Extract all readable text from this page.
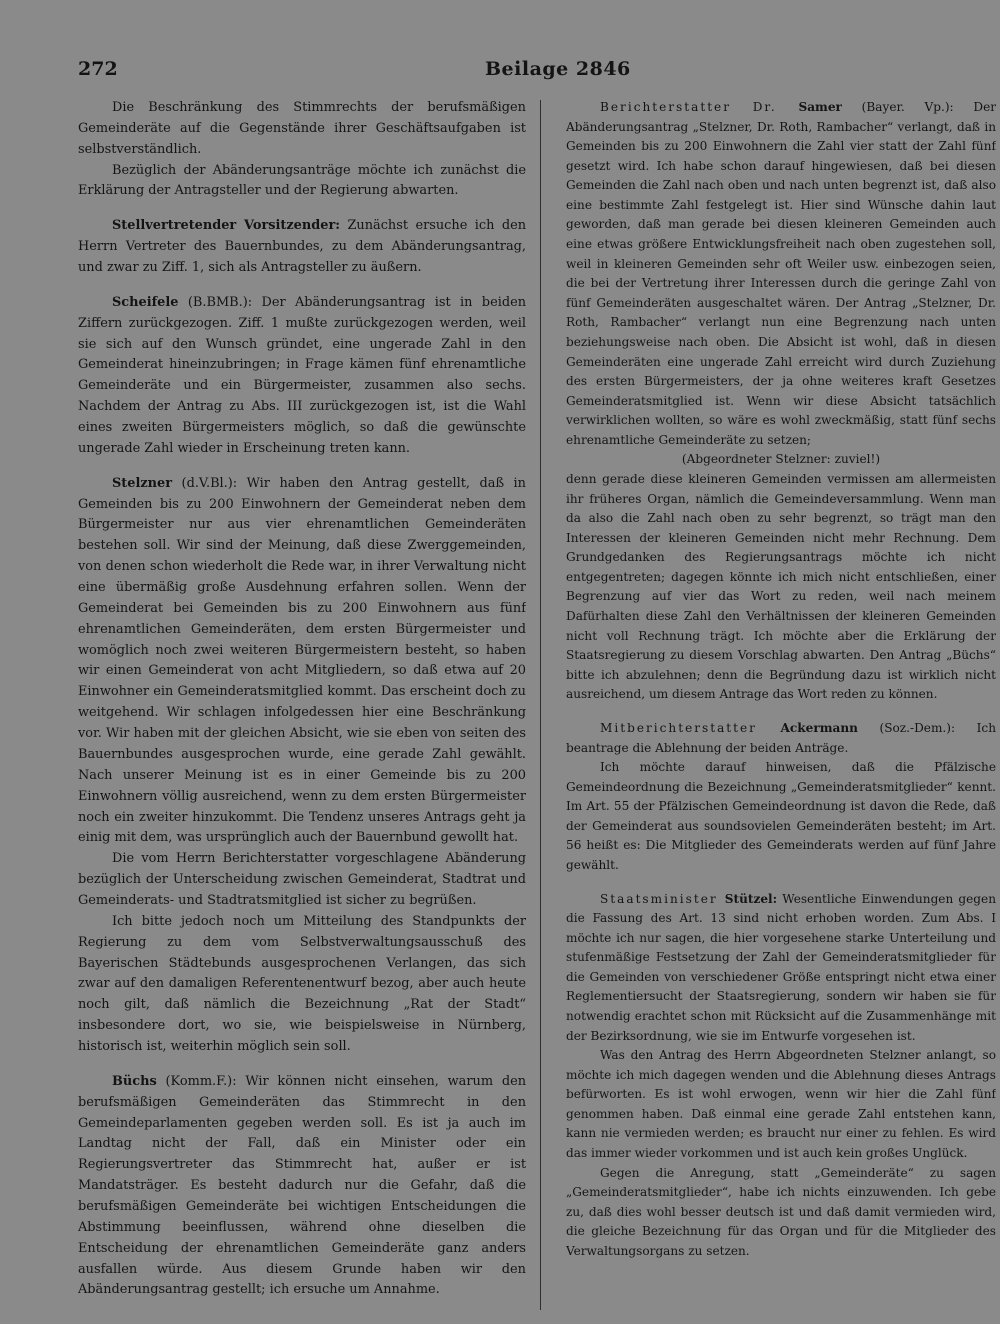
272	Beilage 2846

Die Beschränkung des Stimmrechts der berufsmäßigen Gemeinderäte auf die Gegenstände ihrer Geschäftsaufgaben ist selbstverständlich.

Bezüglich der Abänderungsanträge möchte ich zunächst die Erklärung der Antragsteller und der Regierung abwarten.

Stellvertretender Vorsitzender: Zunächst ersuche ich den Herrn Vertreter des Bauernbundes, zu dem Abänderungsantrag, und zwar zu Ziff. 1, sich als Antragsteller zu äußern.

Scheifele (B.BMB.): Der Abänderungsantrag ist in beiden Ziffern zurückgezogen. Ziff. 1 mußte zurückgezogen werden, weil sie sich auf den Wunsch gründet, eine ungerade Zahl in den Gemeinderat hineinzubringen; in Frage kämen fünf ehrenamtliche Gemeinderäte und ein Bürgermeister, zusammen also sechs. Nachdem der Antrag zu Abs. III zurückgezogen ist, ist die Wahl eines zweiten Bürgermeisters möglich, so daß die gewünschte ungerade Zahl wieder in Erscheinung treten kann.

Stelzner (d.V.Bl.): Wir haben den Antrag gestellt, daß in Gemeinden bis zu 200 Einwohnern der Gemeinderat neben dem Bürgermeister nur aus vier ehrenamtlichen Gemeinderäten bestehen soll. Wir sind der Meinung, daß diese Zwerggemeinden, von denen schon wiederholt die Rede war, in ihrer Verwaltung nicht eine übermäßig große Ausdehnung erfahren sollen. Wenn der Gemeinderat bei Gemeinden bis zu 200 Einwohnern aus fünf ehrenamtlichen Gemeinderäten, dem ersten Bürgermeister und womöglich noch zwei weiteren Bürgermeistern besteht, so haben wir einen Gemeinderat von acht Mitgliedern, so daß etwa auf 20 Einwohner ein Gemeinderatsmitglied kommt. Das erscheint doch zu weitgehend. Wir schlagen infolgedessen hier eine Beschränkung vor. Wir haben mit der gleichen Absicht, wie sie eben von seiten des Bauernbundes ausgesprochen wurde, eine gerade Zahl gewählt. Nach unserer Meinung ist es in einer Gemeinde bis zu 200 Einwohnern völlig ausreichend, wenn zu dem ersten Bürgermeister noch ein zweiter hinzukommt. Die Tendenz unseres Antrags geht ja einig mit dem, was ursprünglich auch der Bauernbund gewollt hat.

Die vom Herrn Berichterstatter vorgeschlagene Abänderung bezüglich der Unterscheidung zwischen Gemeinderat, Stadtrat und Gemeinderats- und Stadtratsmitglied ist sicher zu begrüßen.

Ich bitte jedoch noch um Mitteilung des Standpunkts der Regierung zu dem vom Selbstverwaltungsausschuß des Bayerischen Städtebunds ausgesprochenen Verlangen, das sich zwar auf den damaligen Referentenentwurf bezog, aber auch heute noch gilt, daß nämlich die Bezeichnung „Rat der Stadt“ insbesondere dort, wo sie, wie beispielsweise in Nürnberg, historisch ist, weiterhin möglich sein soll.

Büchs (Komm.F.): Wir können nicht einsehen, warum den berufsmäßigen Gemeinderäten das Stimmrecht in den Gemeindeparlamenten gegeben werden soll. Es ist ja auch im Landtag nicht der Fall, daß ein Minister oder ein Regierungsvertreter das Stimmrecht hat, außer er ist Mandatsträger. Es besteht dadurch nur die Gefahr, daß die berufsmäßigen Gemeinderäte bei wichtigen Entscheidungen die Abstimmung beeinflussen, während ohne dieselben die Entscheidung der ehrenamtlichen Gemeinderäte ganz anders ausfallen würde. Aus diesem Grunde haben wir den Abänderungsantrag gestellt; ich ersuche um Annahme.

Berichterstatter Dr. Samer (Bayer. Vp.): Der Abänderungsantrag „Stelzner, Dr. Roth, Rambacher“ verlangt, daß in Gemeinden bis zu 200 Einwohnern die Zahl vier statt der Zahl fünf gesetzt wird. Ich habe schon darauf hingewiesen, daß bei diesen Gemeinden die Zahl nach oben und nach unten begrenzt ist, daß also eine bestimmte Zahl festgelegt ist. Hier sind Wünsche dahin laut geworden, daß man gerade bei diesen kleineren Gemeinden auch eine etwas größere Entwicklungsfreiheit nach oben zugestehen soll, weil in kleineren Gemeinden sehr oft Weiler usw. einbezogen seien, die bei der Vertretung ihrer Interessen durch die geringe Zahl von fünf Gemeinderäten ausgeschaltet wären. Der Antrag „Stelzner, Dr. Roth, Rambacher“ verlangt nun eine Begrenzung nach unten beziehungsweise nach oben. Die Absicht ist wohl, daß in diesen Gemeinderäten eine ungerade Zahl erreicht wird durch Zuziehung des ersten Bürgermeisters, der ja ohne weiteres kraft Gesetzes Gemeinderatsmitglied ist. Wenn wir diese Absicht tatsächlich verwirklichen wollten, so wäre es wohl zweckmäßig, statt fünf sechs ehrenamtliche Gemeinderäte zu setzen;

(Abgeordneter Stelzner: zuviel!)

denn gerade diese kleineren Gemeinden vermissen am allermeisten ihr früheres Organ, nämlich die Gemeindeversammlung. Wenn man da also die Zahl nach oben zu sehr begrenzt, so trägt man den Interessen der kleineren Gemeinden nicht mehr Rechnung. Dem Grundgedanken des Regierungsantrags möchte ich nicht entgegentreten; dagegen könnte ich mich nicht entschließen, einer Begrenzung auf vier das Wort zu reden, weil nach meinem Dafürhalten diese Zahl den Verhältnissen der kleineren Gemeinden nicht voll Rechnung trägt. Ich möchte aber die Erklärung der Staatsregierung zu diesem Vorschlag abwarten. Den Antrag „Büchs“ bitte ich abzulehnen; denn die Begründung dazu ist wirklich nicht ausreichend, um diesem Antrage das Wort reden zu können.

Mitberichterstatter Ackermann (Soz.-Dem.): Ich beantrage die Ablehnung der beiden Anträge.

Ich möchte darauf hinweisen, daß die Pfälzische Gemeindeordnung die Bezeichnung „Gemeinderatsmitglieder“ kennt. Im Art. 55 der Pfälzischen Gemeindeordnung ist davon die Rede, daß der Gemeinderat aus soundsovielen Gemeinderäten besteht; im Art. 56 heißt es: Die Mitglieder des Gemeinderats werden auf fünf Jahre gewählt.

Staatsminister Stützel: Wesentliche Einwendungen gegen die Fassung des Art. 13 sind nicht erhoben worden. Zum Abs. I möchte ich nur sagen, die hier vorgesehene starke Unterteilung und stufenmäßige Festsetzung der Zahl der Gemeinderatsmitglieder für die Gemeinden von verschiedener Größe entspringt nicht etwa einer Reglementiersucht der Staatsregierung, sondern wir haben sie für notwendig erachtet schon mit Rücksicht auf die Zusammenhänge mit der Bezirksordnung, wie sie im Entwurfe vorgesehen ist.

Was den Antrag des Herrn Abgeordneten Stelzner anlangt, so möchte ich mich dagegen wenden und die Ablehnung dieses Antrags befürworten. Es ist wohl erwogen, wenn wir hier die Zahl fünf genommen haben. Daß einmal eine gerade Zahl entstehen kann, kann nie vermieden werden; es braucht nur einer zu fehlen. Es wird das immer wieder vorkommen und ist auch kein großes Unglück.

Gegen die Anregung, statt „Gemeinderäte“ zu sagen „Gemeinderatsmitglieder“, habe ich nichts einzuwenden. Ich gebe zu, daß dies wohl besser deutsch ist und daß damit vermieden wird, die gleiche Bezeichnung für das Organ und für die Mitglieder des Verwaltungsorgans zu setzen.
